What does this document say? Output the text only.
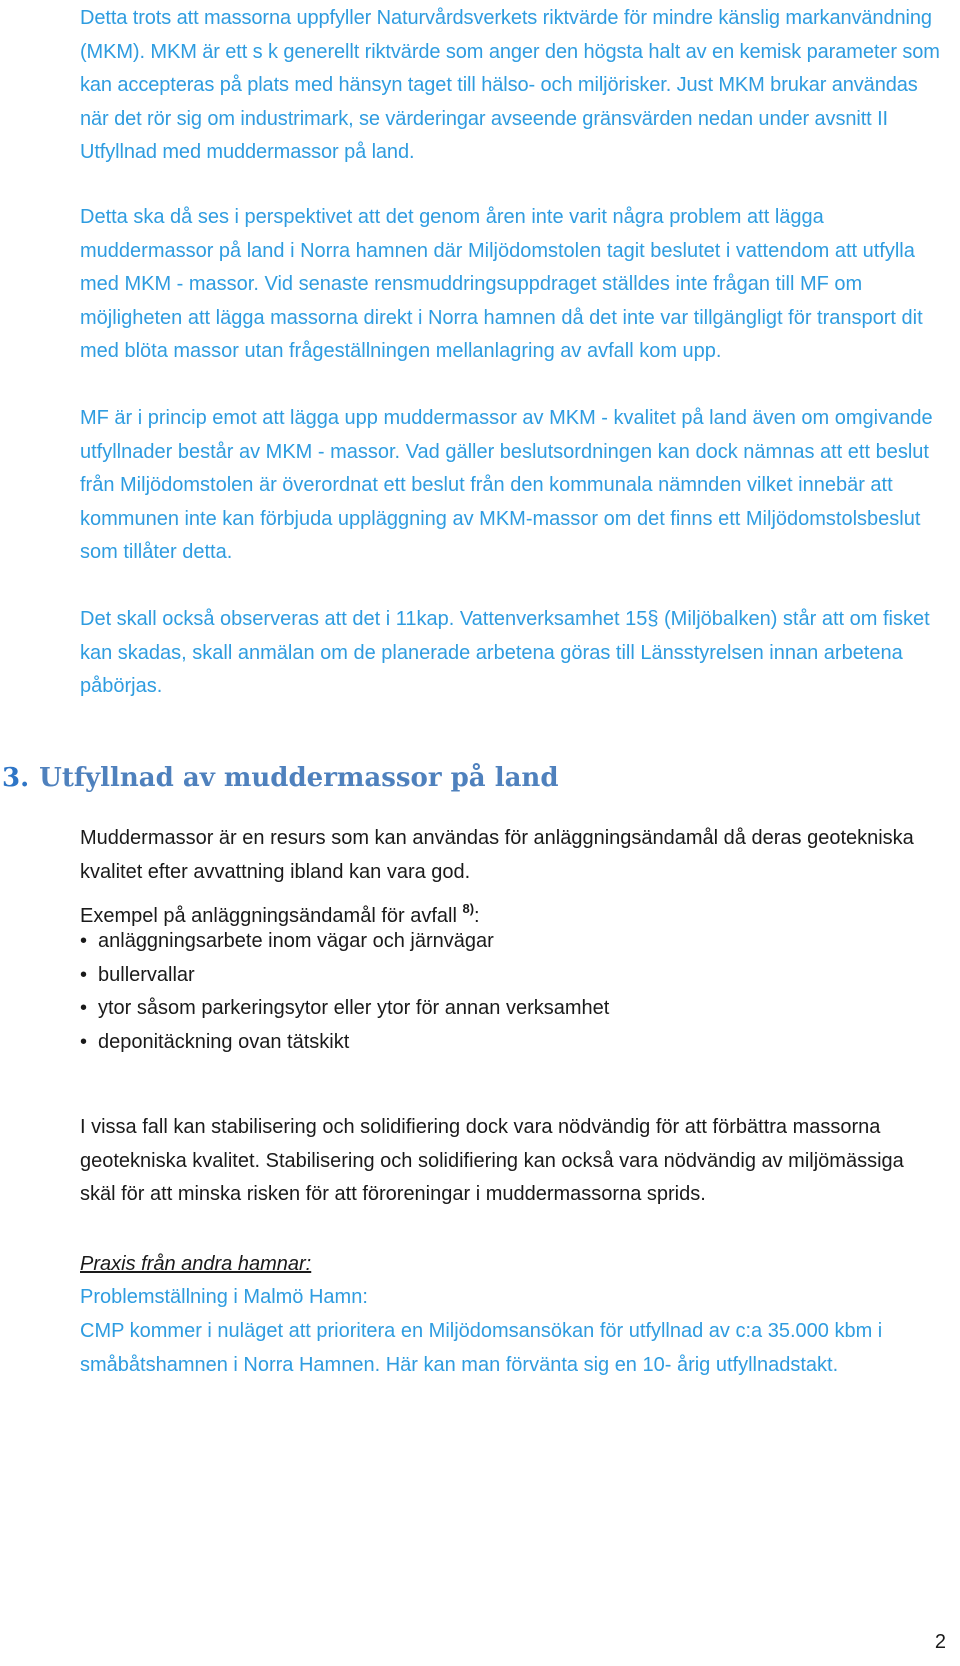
Detta trots att massorna uppfyller Naturvårdsverkets riktvärde för mindre känslig markanvändning (MKM). MKM är ett s k generellt riktvärde som anger den högsta halt av en kemisk parameter som kan accepteras på plats med hänsyn taget till hälso- och miljörisker. Just MKM brukar användas när det rör sig om industrimark, se värderingar avseende gränsvärden nedan under avsnitt II Utfyllnad med muddermassor på land.

Detta ska då ses i perspektivet att det genom åren inte varit några problem att lägga muddermassor på land i Norra hamnen där Miljödomstolen tagit beslutet i vattendom att utfylla med MKM - massor. Vid senaste rensmuddringsuppdraget ställdes inte frågan till MF om möjligheten att lägga massorna direkt i Norra hamnen då det inte var tillgängligt för transport dit med blöta massor utan frågeställningen mellanlagring av avfall kom upp.

MF är i princip emot att lägga upp muddermassor av MKM - kvalitet på land även om omgivande utfyllnader består av MKM - massor. Vad gäller beslutsordningen kan dock nämnas att ett beslut från Miljödomstolen är överordnat ett beslut från den kommunala nämnden vilket innebär att kommunen inte kan förbjuda uppläggning av MKM-massor om det finns ett Miljödomstolsbeslut som tillåter detta.

Det skall också observeras att det i 11kap. Vattenverksamhet 15§ (Miljöbalken) står att om fisket kan skadas, skall anmälan om de planerade arbetena göras till Länsstyrelsen innan arbetena påbörjas.

3. Utfyllnad av muddermassor på land

Muddermassor är en resurs som kan användas för anläggningsändamål då deras geotekniska kvalitet efter avvattning ibland kan vara god.

Exempel på anläggningsändamål för avfall $^{8)}$:
• anläggningsarbete inom vägar och järnvägar
• bullervallar
• ytor såsom parkeringsytor eller ytor för annan verksamhet
• deponitäckning ovan tätskikt

I vissa fall kan stabilisering och solidifiering dock vara nödvändig för att förbättra massorna geotekniska kvalitet. Stabilisering och solidifiering kan också vara nödvändig av miljömässiga skäl för att minska risken för att föroreningar i muddermassorna sprids.

Praxis från andra hamnar:
Problemställning i Malmö Hamn:

CMP kommer i nuläget att prioritera en Miljödomsansökan för utfyllnad av c:a 35.000 kbm i småbåtshamnen i Norra Hamnen. Här kan man förvänta sig en 10- årig utfyllnadstakt.

2
